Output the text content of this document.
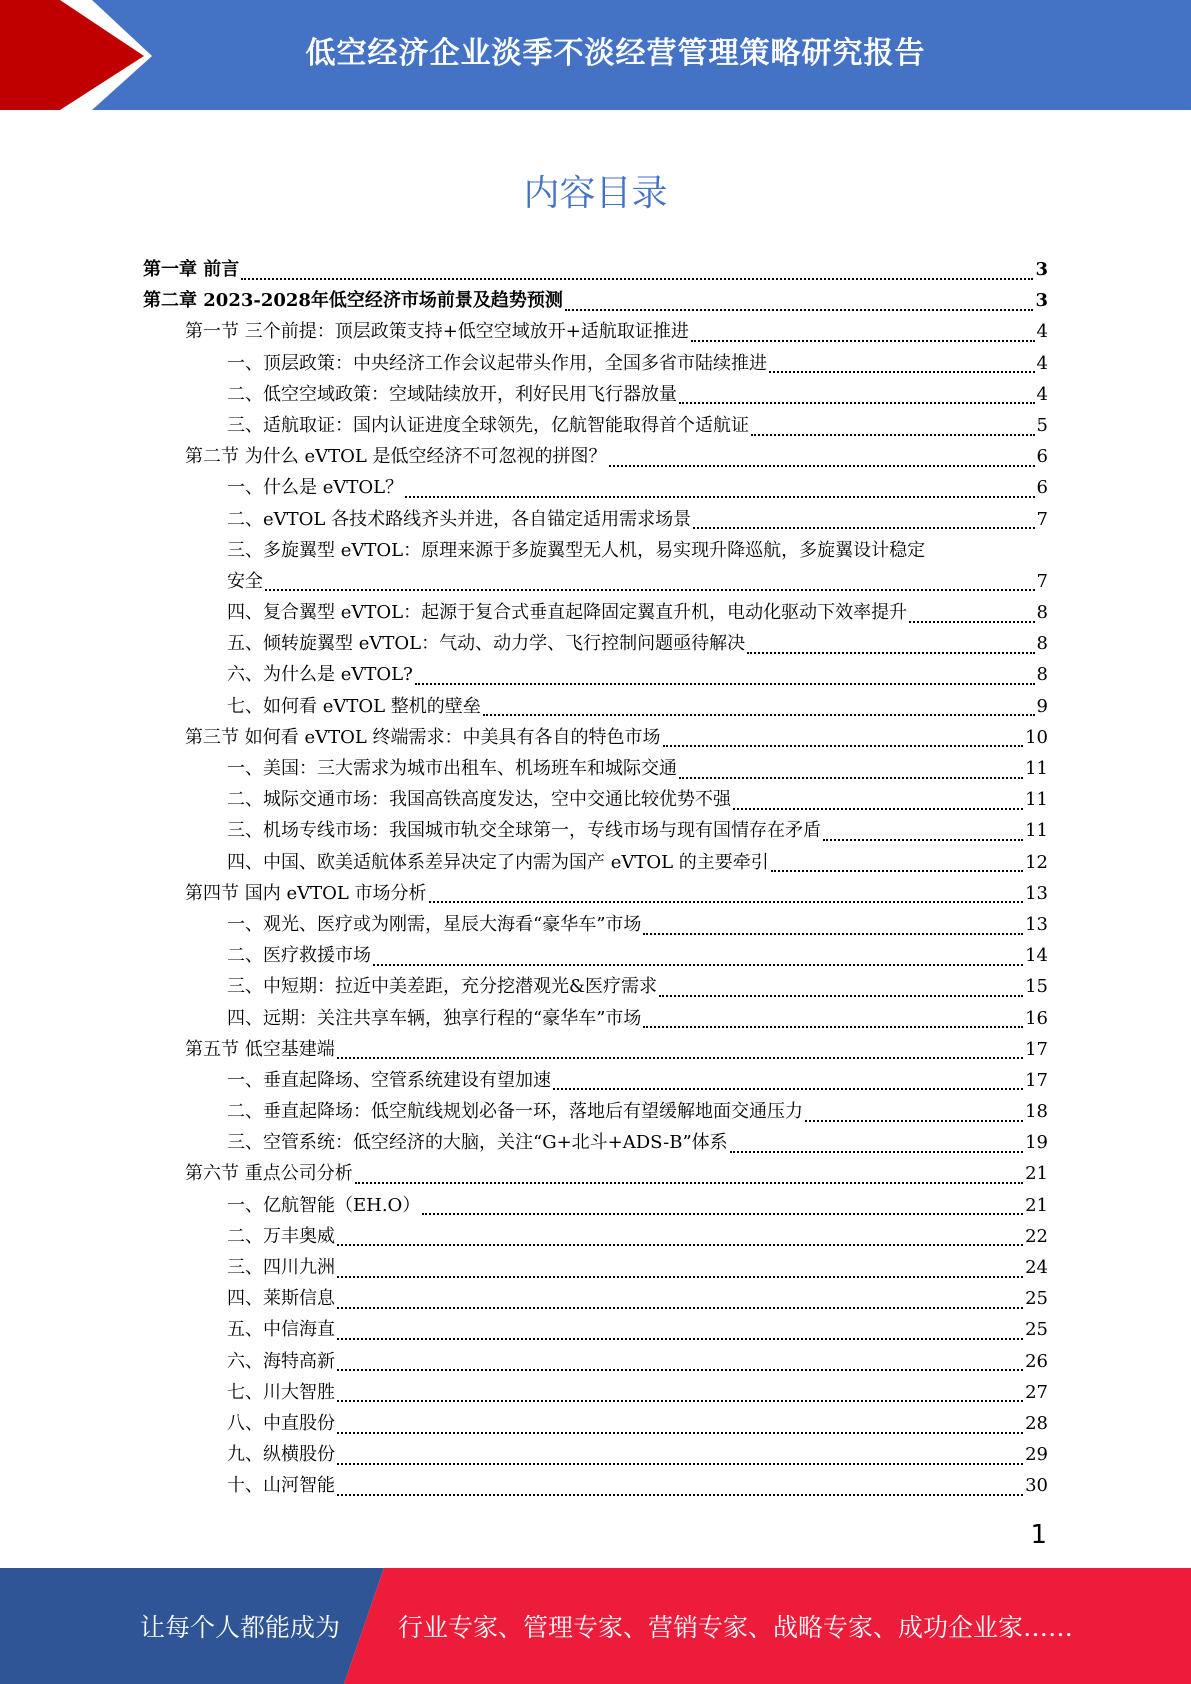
低空经济企业淡季不淡经营管理策略研究报告
内容目录
第一章 前言	3
第二章 2023-2028年低空经济市场前景及趋势预测	3
第一节 三个前提：顶层政策支持+低空空域放开+适航取证推进	4
一、顶层政策：中央经济工作会议起带头作用，全国多省市陆续推进	4
二、低空空域政策：空域陆续放开，利好民用飞行器放量	4
三、适航取证：国内认证进度全球领先，亿航智能取得首个适航证	5
第二节 为什么 eVTOL 是低空经济不可忽视的拼图？	6
一、什么是 eVTOL？	6
二、eVTOL 各技术路线齐头并进，各自锚定适用需求场景	7
三、多旋翼型 eVTOL：原理来源于多旋翼型无人机，易实现升降巡航，多旋翼设计稳定
安全	7
四、复合翼型 eVTOL：起源于复合式垂直起降固定翼直升机，电动化驱动下效率提升	8
五、倾转旋翼型 eVTOL：气动、动力学、飞行控制问题亟待解决	8
六、为什么是 eVTOL?	8
七、如何看 eVTOL 整机的壁垒	9
第三节 如何看 eVTOL 终端需求：中美具有各自的特色市场	10
一、美国：三大需求为城市出租车、机场班车和城际交通	11
二、城际交通市场：我国高铁高度发达，空中交通比较优势不强	11
三、机场专线市场：我国城市轨交全球第一，专线市场与现有国情存在矛盾	11
四、中国、欧美适航体系差异决定了内需为国产 eVTOL 的主要牵引	12
第四节 国内 eVTOL 市场分析	13
一、观光、医疗或为刚需，星辰大海看“豪华车”市场	13
二、医疗救援市场	14
三、中短期：拉近中美差距，充分挖潜观光&医疗需求	15
四、远期：关注共享车辆，独享行程的“豪华车”市场	16
第五节 低空基建端	17
一、垂直起降场、空管系统建设有望加速	17
二、垂直起降场：低空航线规划必备一环，落地后有望缓解地面交通压力	18
三、空管系统：低空经济的大脑，关注“G+北斗+ADS-B”体系	19
第六节 重点公司分析	21
一、亿航智能（EH.O）	21
二、万丰奥威	22
三、四川九洲	24
四、莱斯信息	25
五、中信海直	25
六、海特高新	26
七、川大智胜	27
八、中直股份	28
九、纵横股份	29
十、山河智能	30
1
让每个人都能成为 行业专家、管理专家、营销专家、战略专家、成功企业家……
